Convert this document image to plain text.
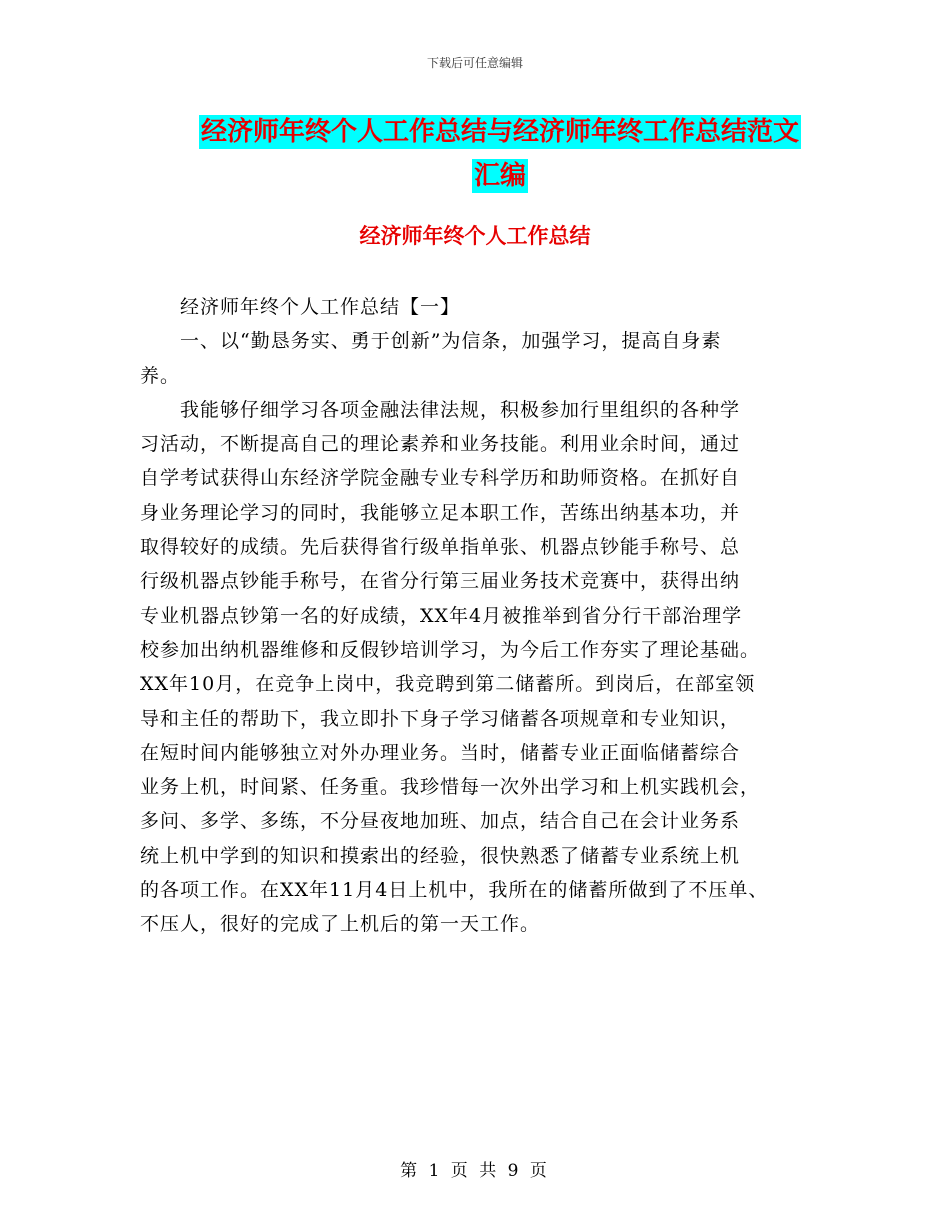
下载后可任意编辑
经济师年终个人工作总结与经济师年终工作总结范文
汇编
经济师年终个人工作总结

　　经济师年终个人工作总结【一】

　　一、以“勤恳务实、勇于创新”为信条，加强学习，提高自身素

养。

　　我能够仔细学习各项金融法律法规，积极参加行里组织的各种学

习活动，不断提高自己的理论素养和业务技能。利用业余时间，通过

自学考试获得山东经济学院金融专业专科学历和助师资格。在抓好自

身业务理论学习的同时，我能够立足本职工作，苦练出纳基本功，并

取得较好的成绩。先后获得省行级单指单张、机器点钞能手称号、总

行级机器点钞能手称号，在省分行第三届业务技术竞赛中，获得出纳

专业机器点钞第一名的好成绩，XX年4月被推举到省分行干部治理学

校参加出纳机器维修和反假钞培训学习，为今后工作夯实了理论基础。

XX年10月，在竞争上岗中，我竞聘到第二储蓄所。到岗后，在部室领

导和主任的帮助下，我立即扑下身子学习储蓄各项规章和专业知识，

在短时间内能够独立对外办理业务。当时，储蓄专业正面临储蓄综合

业务上机，时间紧、任务重。我珍惜每一次外出学习和上机实践机会，

多问、多学、多练，不分昼夜地加班、加点，结合自己在会计业务系

统上机中学到的知识和摸索出的经验，很快熟悉了储蓄专业系统上机

的各项工作。在XX年11月4日上机中，我所在的储蓄所做到了不压单、

不压人，很好的完成了上机后的第一天工作。

第 1 页 共 9 页
